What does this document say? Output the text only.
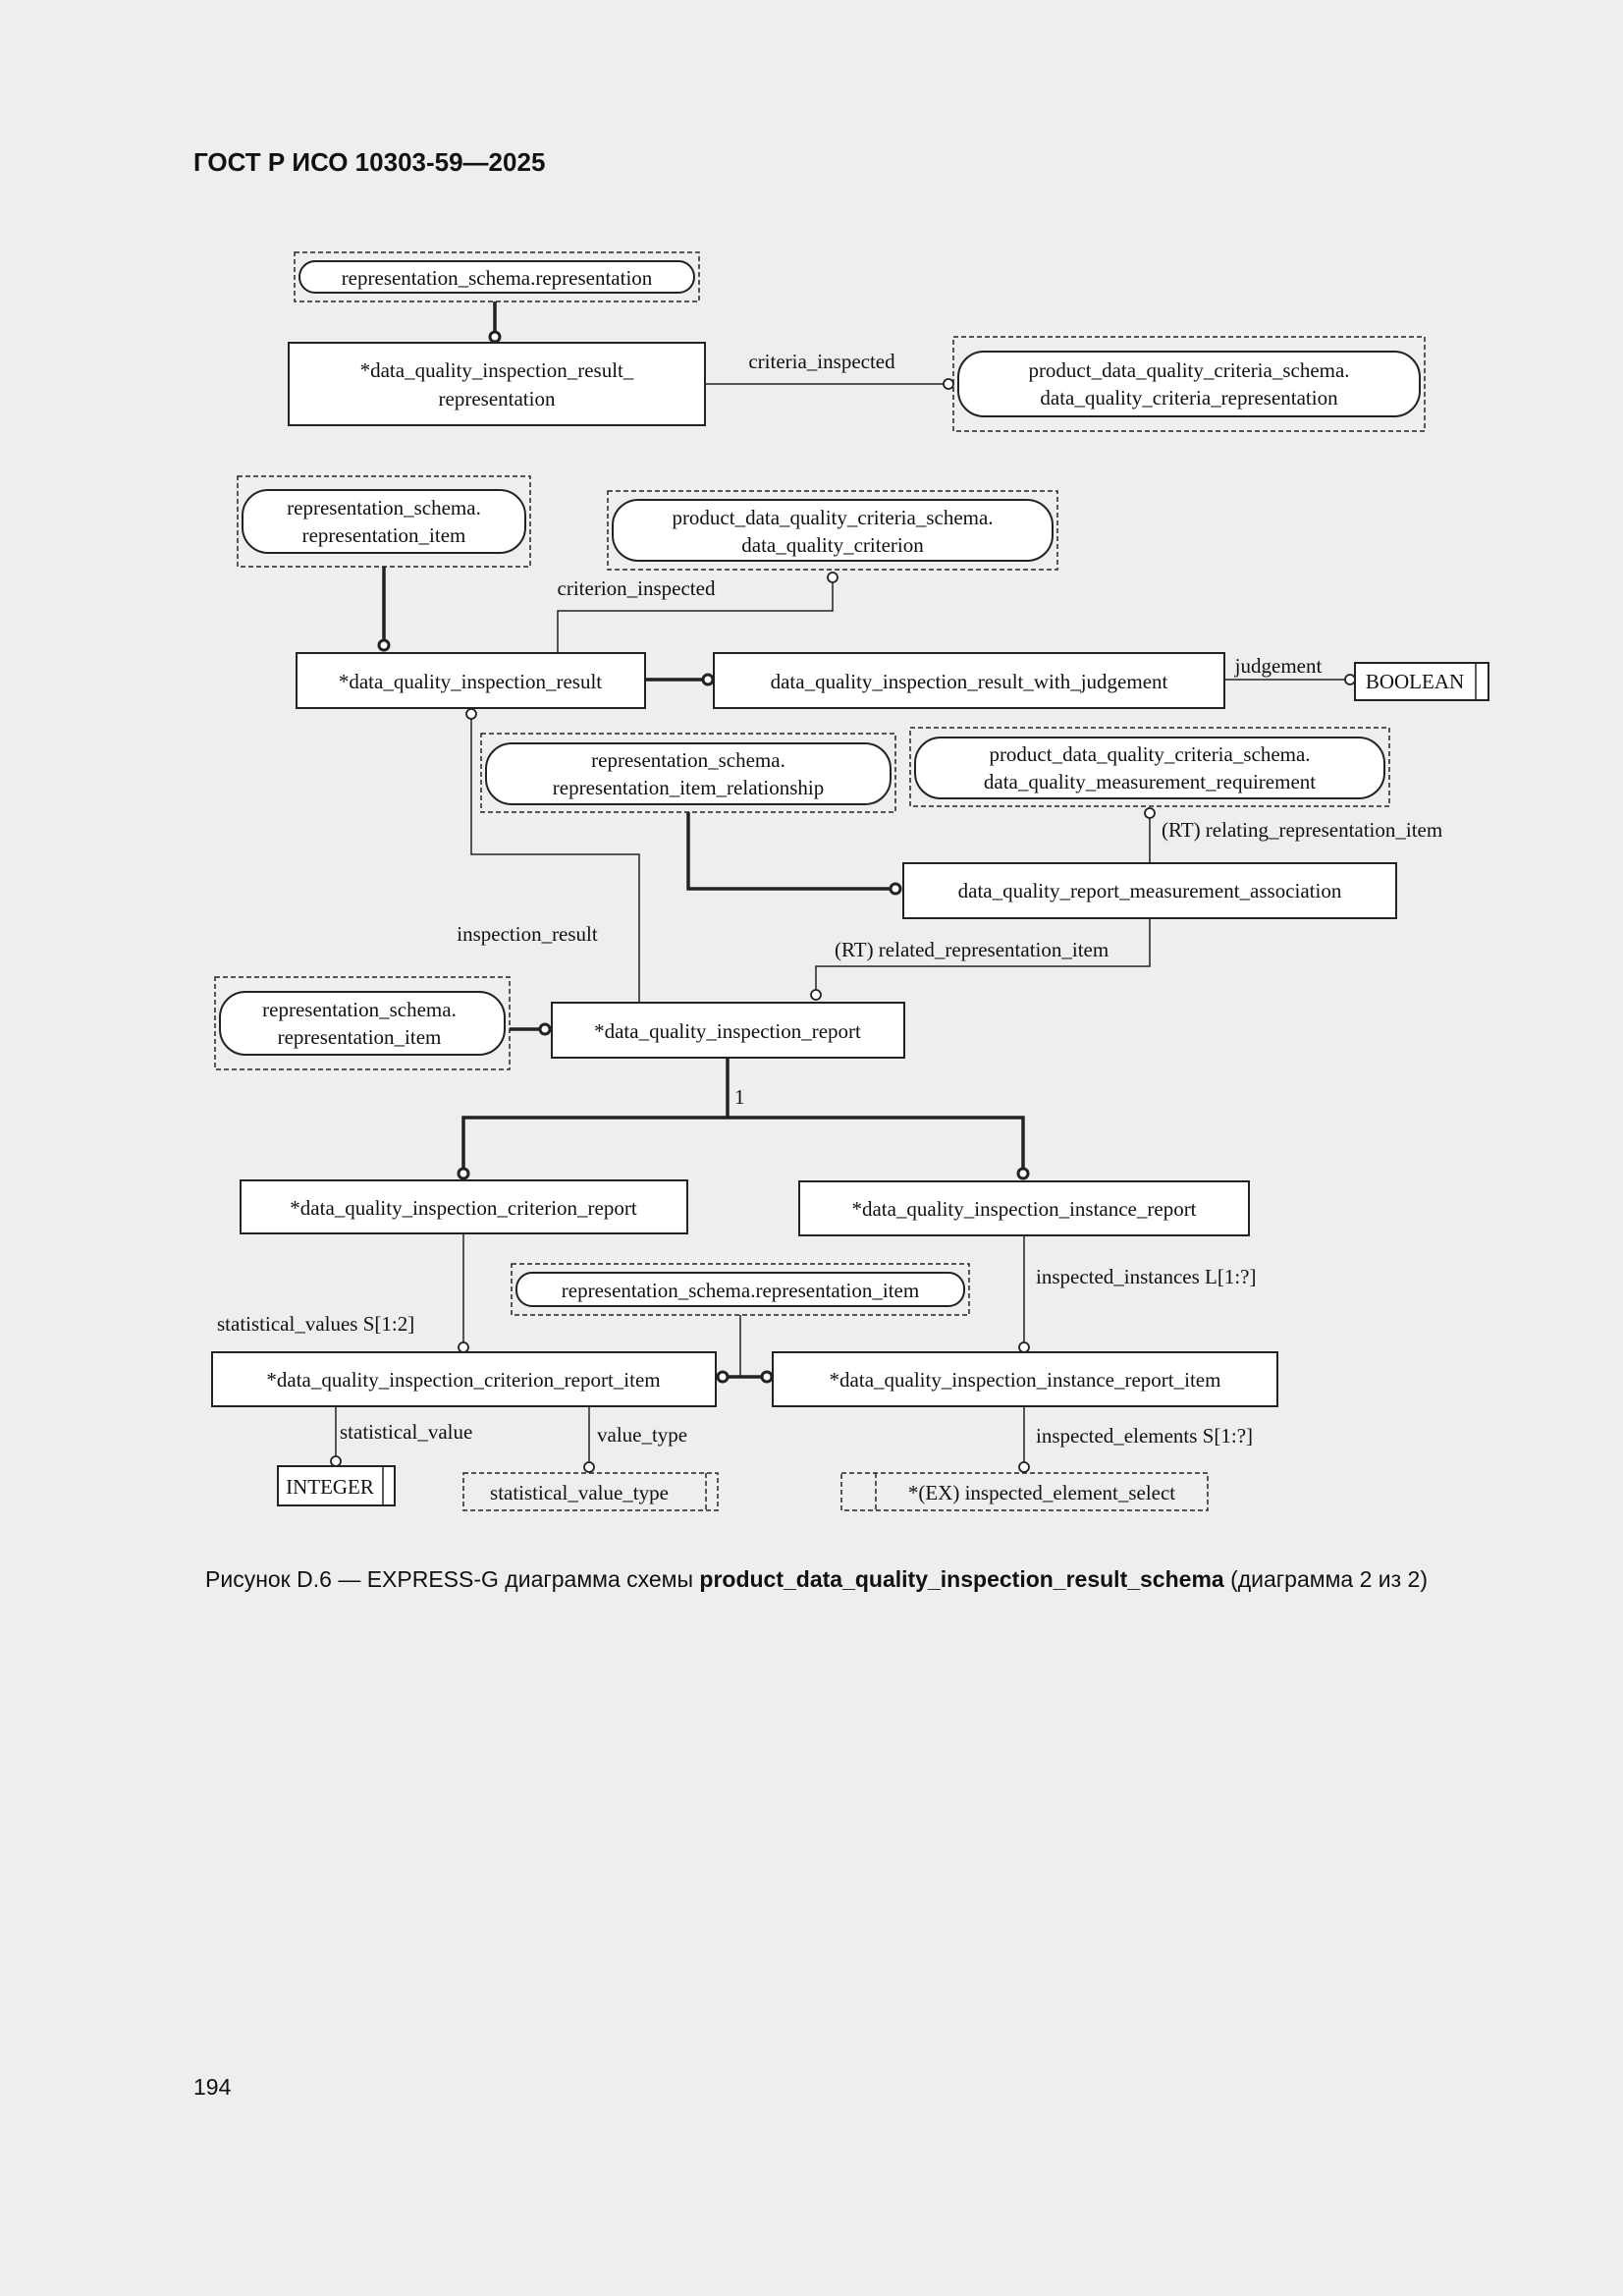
ГОСТ Р ИСО 10303-59—2025
representation_schema.representation
*data_quality_inspection_result_
representation
product_data_quality_criteria_schema.
data_quality_criteria_representation
criteria_inspected
representation_schema.
representation_item
product_data_quality_criteria_schema.
data_quality_criterion
*data_quality_inspection_result	data_quality_inspection_result_with_judgement	BOOLEAN
criterion_inspected
judgement
representation_schema.
representation_item_relationship
product_data_quality_criteria_schema.
data_quality_measurement_requirement
data_quality_report_measurement_association
(RT) relating_representation_item
inspection_result
(RT) related_representation_item
representation_schema.
representation_item	*data_quality_inspection_report
1
*data_quality_inspection_criterion_report	*data_quality_inspection_instance_report
representation_schema.representation_item
statistical_values S[1:2]
inspected_instances L[1:?]
*data_quality_inspection_criterion_report_item	*data_quality_inspection_instance_report_item
INTEGER	statistical_value_type	*(EX) inspected_element_select
statistical_value	value_type	inspected_elements S[1:?]
Рисунок D.6 — EXPRESS-G диаграмма схемы product_data_quality_inspection_result_schema (диаграмма 2 из 2)
194
